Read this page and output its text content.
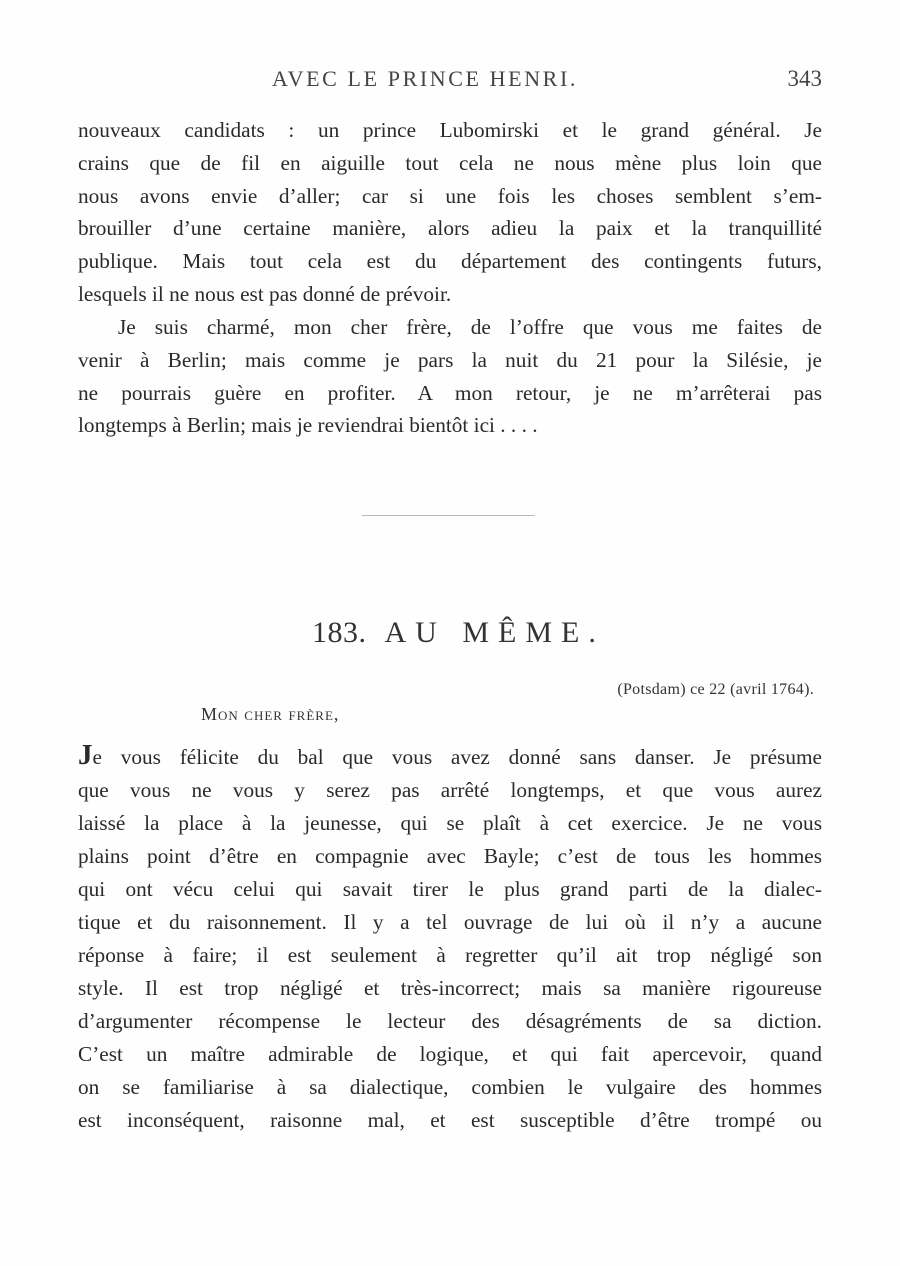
AVEC LE PRINCE HENRI.	343
nouveaux candidats : un prince Lubomirski et le grand général. Je
crains que de fil en aiguille tout cela ne nous mène plus loin que
nous avons envie d’aller; car si une fois les choses semblent s’em-
brouiller d’une certaine manière, alors adieu la paix et la tranquillité
publique. Mais tout cela est du département des contingents futurs,
lesquels il ne nous est pas donné de prévoir.
Je suis charmé, mon cher frère, de l’offre que vous me faites de
venir à Berlin; mais comme je pars la nuit du 21 pour la Silésie, je
ne pourrais guère en profiter. A mon retour, je ne m’arrêterai pas
longtemps à Berlin; mais je reviendrai bientôt ici . . . .
183. AU MÊME.
(Potsdam) ce 22 (avril 1764).
Mon cher frère,
Je vous félicite du bal que vous avez donné sans danser. Je présume
que vous ne vous y serez pas arrêté longtemps, et que vous aurez
laissé la place à la jeunesse, qui se plaît à cet exercice. Je ne vous
plains point d’être en compagnie avec Bayle; c’est de tous les hommes
qui ont vécu celui qui savait tirer le plus grand parti de la dialec-
tique et du raisonnement. Il y a tel ouvrage de lui où il n’y a aucune
réponse à faire; il est seulement à regretter qu’il ait trop négligé son
style. Il est trop négligé et très-incorrect; mais sa manière rigoureuse
d’argumenter récompense le lecteur des désagréments de sa diction.
C’est un maître admirable de logique, et qui fait apercevoir, quand
on se familiarise à sa dialectique, combien le vulgaire des hommes
est inconséquent, raisonne mal, et est susceptible d’être trompé ou
